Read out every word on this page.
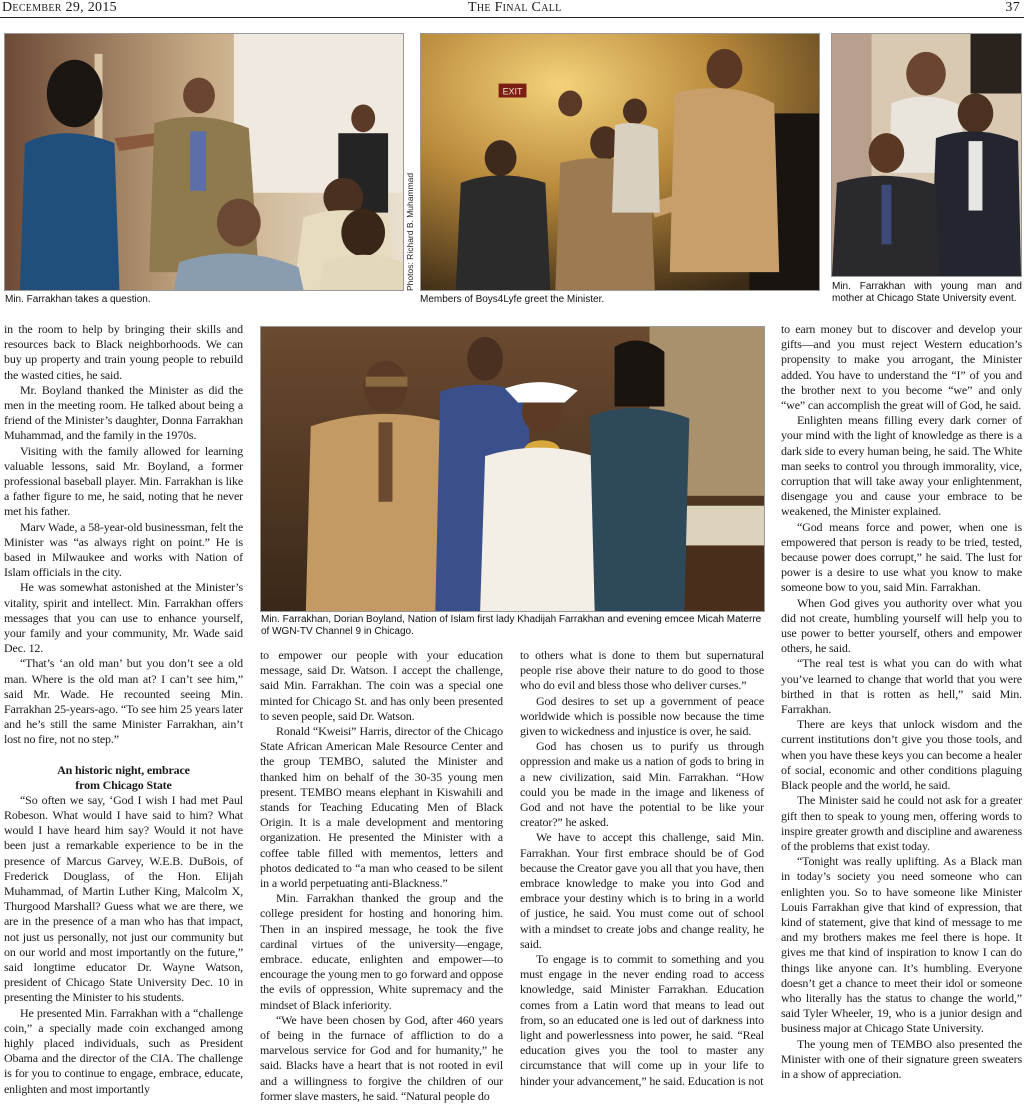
December 29, 2015	The Final Call	37
Min. Farrakhan takes a question.
Photos: Richard B. Muhammad
EXIT
Members of Boys4Lyfe greet the Minister.
Min. Farrakhan with young man and mother at Chicago State University event.
Min. Farrakhan, Dorian Boyland, Nation of Islam first lady Khadijah Farrakhan and evening emcee Micah Materre of WGN-TV Channel 9 in Chicago.

in the room to help by bringing their skills and resources back to Black neighborhoods. We can buy up property and train young people to rebuild the wasted cities, he said.

Mr. Boyland thanked the Minister as did the men in the meeting room. He talked about being a friend of the Minister’s daughter, Donna Farrakhan Muhammad, and the family in the 1970s.

Visiting with the family allowed for learning valuable lessons, said Mr. Boyland, a former professional baseball player. Min. Farrakhan is like a father figure to me, he said, noting that he never met his father.

Marv Wade, a 58-year-old businessman, felt the Minister was “as always right on point.” He is based in Milwaukee and works with Nation of Islam officials in the city.

He was somewhat astonished at the Minister’s vitality, spirit and intellect. Min. Farrakhan offers messages that you can use to enhance yourself, your family and your community, Mr. Wade said Dec. 12.

“That’s ‘an old man’ but you don’t see a old man. Where is the old man at? I can’t see him,” said Mr. Wade. He recounted seeing Min. Farrakhan 25-years-ago. “To see him 25 years later and he’s still the same Minister Farrakhan, ain’t lost no fire, not no step.”

An historic night, embrace from Chicago State

“So often we say, ‘God I wish I had met Paul Robeson. What would I have said to him? What would I have heard him say? Would it not have been just a remarkable experience to be in the presence of Marcus Garvey, W.E.B. DuBois, of Frederick Douglass, of the Hon. Elijah Muhammad, of Martin Luther King, Malcolm X, Thurgood Marshall? Guess what we are there, we are in the presence of a man who has that impact, not just us personally, not just our community but on our world and most importantly on the future,” said longtime educator Dr. Wayne Watson, president of Chicago State University Dec. 10 in presenting the Minister to his students.

He presented Min. Farrakhan with a “challenge coin,” a specially made coin exchanged among highly placed individuals, such as President Obama and the director of the CIA. The challenge is for you to continue to engage, embrace, educate, enlighten and most importantly

to empower our people with your education message, said Dr. Watson. I accept the challenge, said Min. Farrakhan. The coin was a special one minted for Chicago St. and has only been presented to seven people, said Dr. Watson.

Ronald “Kweisi” Harris, director of the Chicago State African American Male Resource Center and the group TEMBO, saluted the Minister and thanked him on behalf of the 30-35 young men present. TEMBO means elephant in Kiswahili and stands for Teaching Educating Men of Black Origin. It is a male development and mentoring organization. He presented the Minister with a coffee table filled with mementos, letters and photos dedicated to “a man who ceased to be silent in a world perpetuating anti-Blackness.”

Min. Farrakhan thanked the group and the college president for hosting and honoring him. Then in an inspired message, he took the five cardinal virtues of the university—engage, embrace. educate, enlighten and empower—to encourage the young men to go forward and oppose the evils of oppression, White supremacy and the mindset of Black inferiority.

“We have been chosen by God, after 460 years of being in the furnace of affliction to do a marvelous service for God and for humanity,” he said. Blacks have a heart that is not rooted in evil and a willingness to forgive the children of our former slave masters, he said. “Natural people do

to others what is done to them but supernatural people rise above their nature to do good to those who do evil and bless those who deliver curses.”

God desires to set up a government of peace worldwide which is possible now because the time given to wickedness and injustice is over, he said.

God has chosen us to purify us through oppression and make us a nation of gods to bring in a new civilization, said Min. Farrakhan. “How could you be made in the image and likeness of God and not have the potential to be like your creator?” he asked.

We have to accept this challenge, said Min. Farrakhan. Your first embrace should be of God because the Creator gave you all that you have, then embrace knowledge to make you into God and embrace your destiny which is to bring in a world of justice, he said. You must come out of school with a mindset to create jobs and change reality, he said.

To engage is to commit to something and you must engage in the never ending road to access knowledge, said Minister Farrakhan. Education comes from a Latin word that means to lead out from, so an educated one is led out of darkness into light and powerlessness into power, he said. “Real education gives you the tool to master any circumstance that will come up in your life to hinder your advancement,” he said. Education is not

to earn money but to discover and develop your gifts—and you must reject Western education’s propensity to make you arrogant, the Minister added. You have to understand the “I” of you and the brother next to you become “we” and only “we” can accomplish the great will of God, he said.

Enlighten means filling every dark corner of your mind with the light of knowledge as there is a dark side to every human being, he said. The White man seeks to control you through immorality, vice, corruption that will take away your enlightenment, disengage you and cause your embrace to be weakened, the Minister explained.

“God means force and power, when one is empowered that person is ready to be tried, tested, because power does corrupt,” he said. The lust for power is a desire to use what you know to make someone bow to you, said Min. Farrakhan.

When God gives you authority over what you did not create, humbling yourself will help you to use power to better yourself, others and empower others, he said.

“The real test is what you can do with what you’ve learned to change that world that you were birthed in that is rotten as hell,” said Min. Farrakhan.

There are keys that unlock wisdom and the current institutions don’t give you those tools, and when you have these keys you can become a healer of social, economic and other conditions plaguing Black people and the world, he said.

The Minister said he could not ask for a greater gift then to speak to young men, offering words to inspire greater growth and discipline and awareness of the problems that exist today.

“Tonight was really uplifting. As a Black man in today’s society you need someone who can enlighten you. So to have someone like Minister Louis Farrakhan give that kind of expression, that kind of statement, give that kind of message to me and my brothers makes me feel there is hope. It gives me that kind of inspiration to know I can do things like anyone can. It’s humbling. Everyone doesn’t get a chance to meet their idol or someone who literally has the status to change the world,” said Tyler Wheeler, 19, who is a junior design and business major at Chicago State University.

The young men of TEMBO also presented the Minister with one of their signature green sweaters in a show of appreciation.
